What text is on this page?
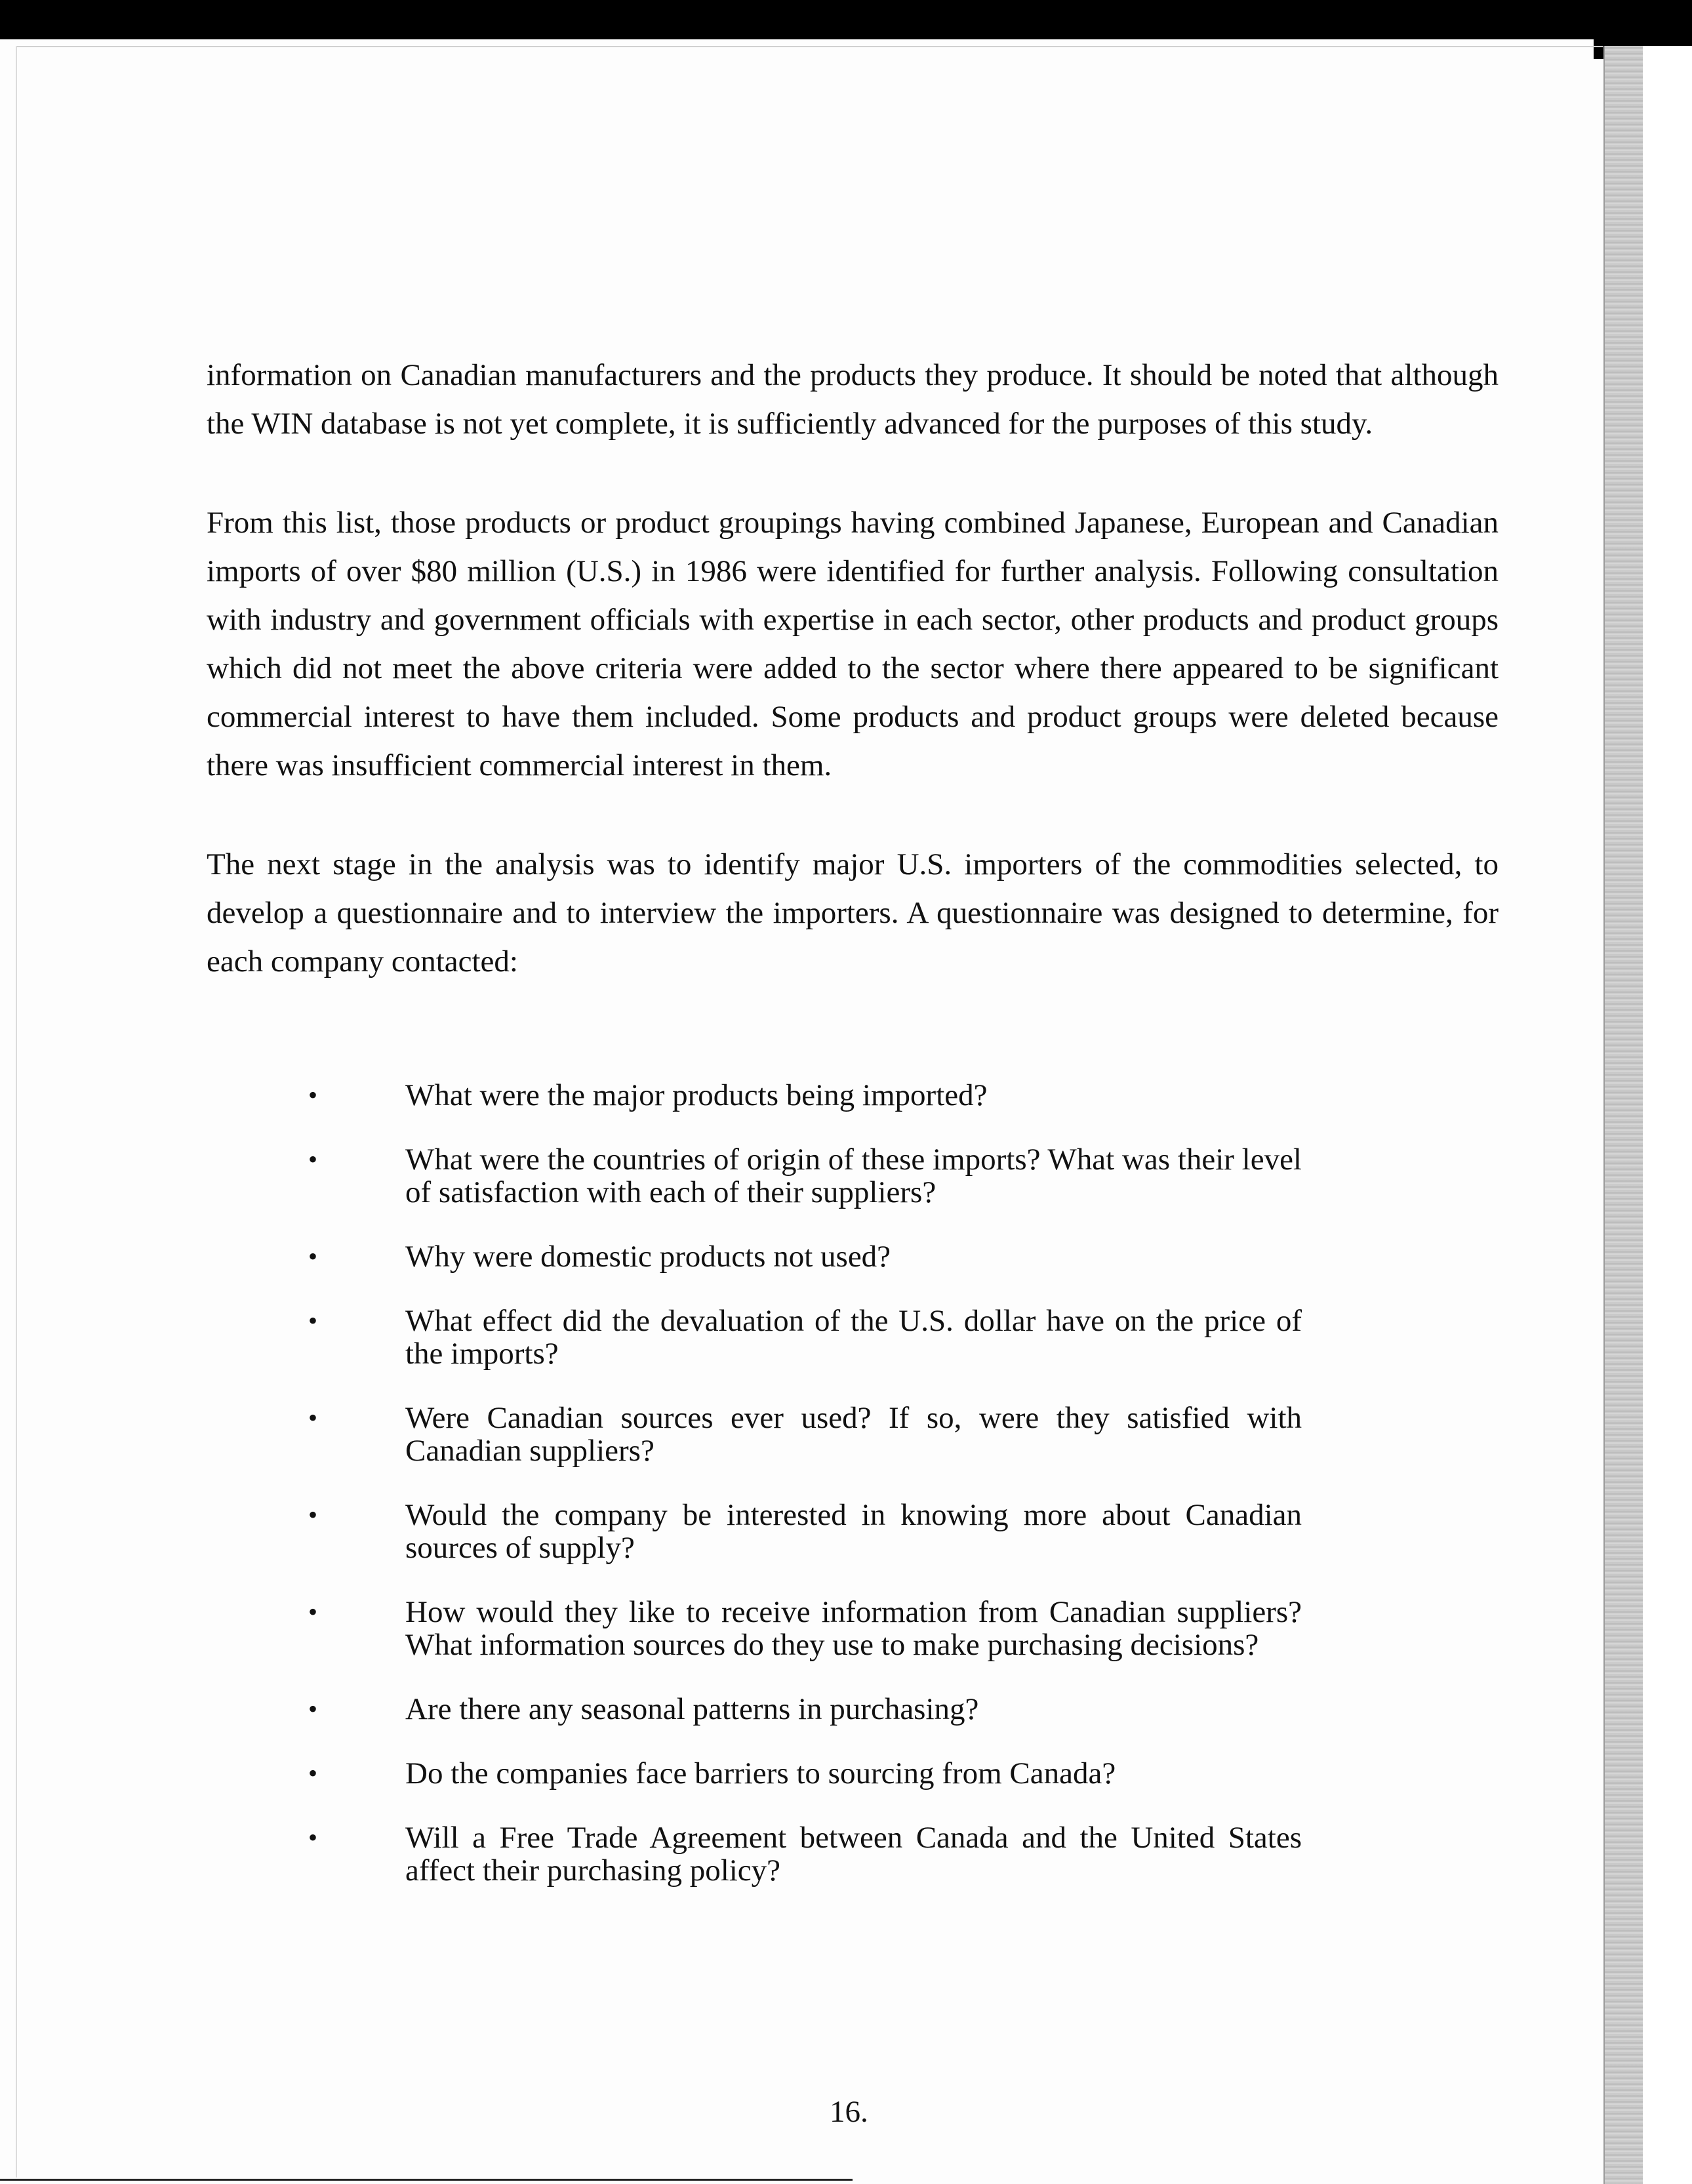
information on Canadian manufacturers and the products they produce. It should be noted that although the WIN database is not yet complete, it is sufficiently advanced for the purposes of this study.

From this list, those products or product groupings having combined Japanese, European and Canadian imports of over $80 million (U.S.) in 1986 were identified for further analysis. Following consultation with industry and government officials with expertise in each sector, other products and product groups which did not meet the above criteria were added to the sector where there appeared to be significant commercial interest to have them included. Some products and product groups were deleted because there was insufficient commercial interest in them.

The next stage in the analysis was to identify major U.S. importers of the commodities selected, to develop a questionnaire and to interview the importers. A questionnaire was designed to determine, for each company contacted:

•	What were the major products being imported?
•	What were the countries of origin of these imports? What was their level of satisfaction with each of their suppliers?
•	Why were domestic products not used?
•	What effect did the devaluation of the U.S. dollar have on the price of the imports?
•	Were Canadian sources ever used? If so, were they satisfied with Canadian suppliers?
•	Would the company be interested in knowing more about Canadian sources of supply?
•	How would they like to receive information from Canadian suppliers? What information sources do they use to make purchasing decisions?
•	Are there any seasonal patterns in purchasing?
•	Do the companies face barriers to sourcing from Canada?
•	Will a Free Trade Agreement between Canada and the United States affect their purchasing policy?
16.
